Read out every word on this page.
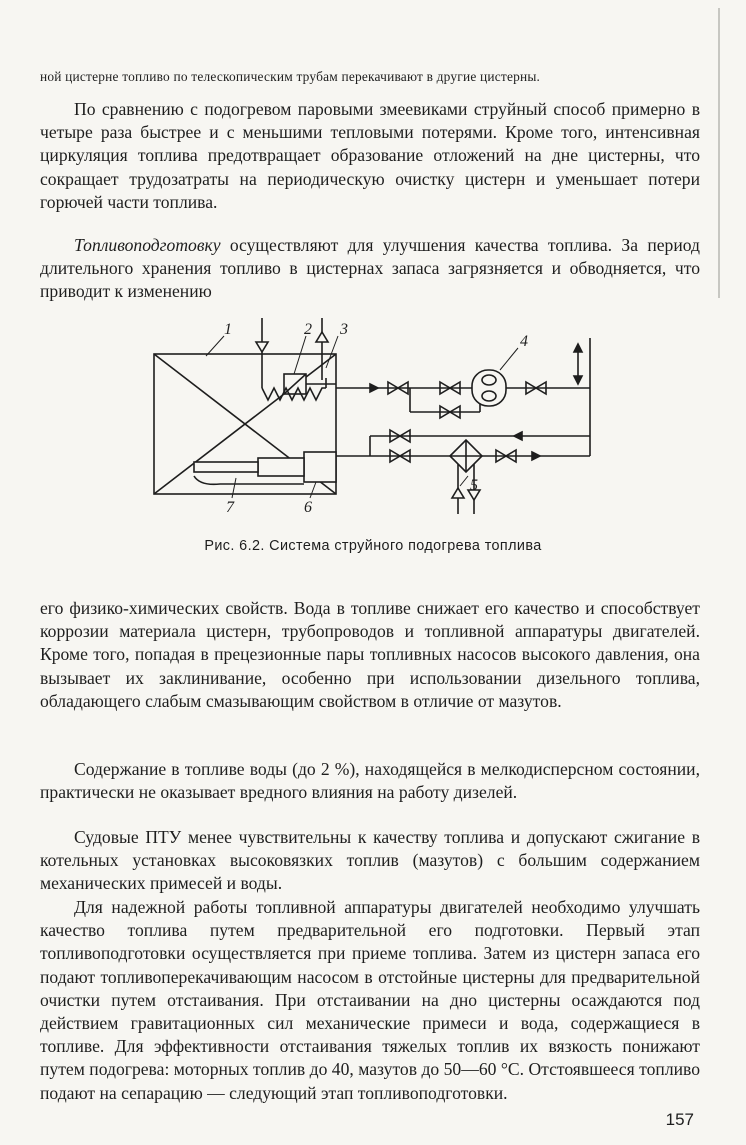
ной цистерне топливо по телескопическим трубам перекачивают в другие цистерны.

По сравнению с подогревом паровыми змеевиками струйный способ примерно в четыре раза быстрее и с меньшими тепловыми потерями. Кроме того, интенсивная циркуляция топлива предотвращает образование отложений на дне цистерны, что сокращает трудозатраты на периодическую очистку цистерн и уменьшает потери горючей части топлива.

Топливоподготовку осуществляют для улучшения качества топлива. За период длительного хранения топливо в цистернах запаса загрязняется и обводняется, что приводит к изменению

1	2 3
4
5
6
7
Рис. 6.2. Система струйного подогрева топлива

его физико-химических свойств. Вода в топливе снижает его качество и способствует коррозии материала цистерн, трубопроводов и топливной аппаратуры двигателей. Кроме того, попадая в прецезионные пары топливных насосов высокого давления, она вызывает их заклинивание, особенно при использовании дизельного топлива, обладающего слабым смазывающим свойством в отличие от мазутов.

Содержание в топливе воды (до 2 %), находящейся в мелкодисперсном состоянии, практически не оказывает вредного влияния на работу дизелей.

Судовые ПТУ менее чувствительны к качеству топлива и допускают сжигание в котельных установках высоковязких топлив (мазутов) с большим содержанием механических примесей и воды.

Для надежной работы топливной аппаратуры двигателей необходимо улучшать качество топлива путем предварительной его подготовки. Первый этап топливоподготовки осуществляется при приеме топлива. Затем из цистерн запаса его подают топливоперекачивающим насосом в отстойные цистерны для предварительной очистки путем отстаивания. При отстаивании на дно цистерны осаждаются под действием гравитационных сил механические примеси и вода, содержащиеся в топливе. Для эффективности отстаивания тяжелых топлив их вязкость понижают путем подогрева: моторных топлив до 40, мазутов до 50—60 °С. Отстоявшееся топливо подают на сепарацию — следующий этап топливоподготовки.

157
